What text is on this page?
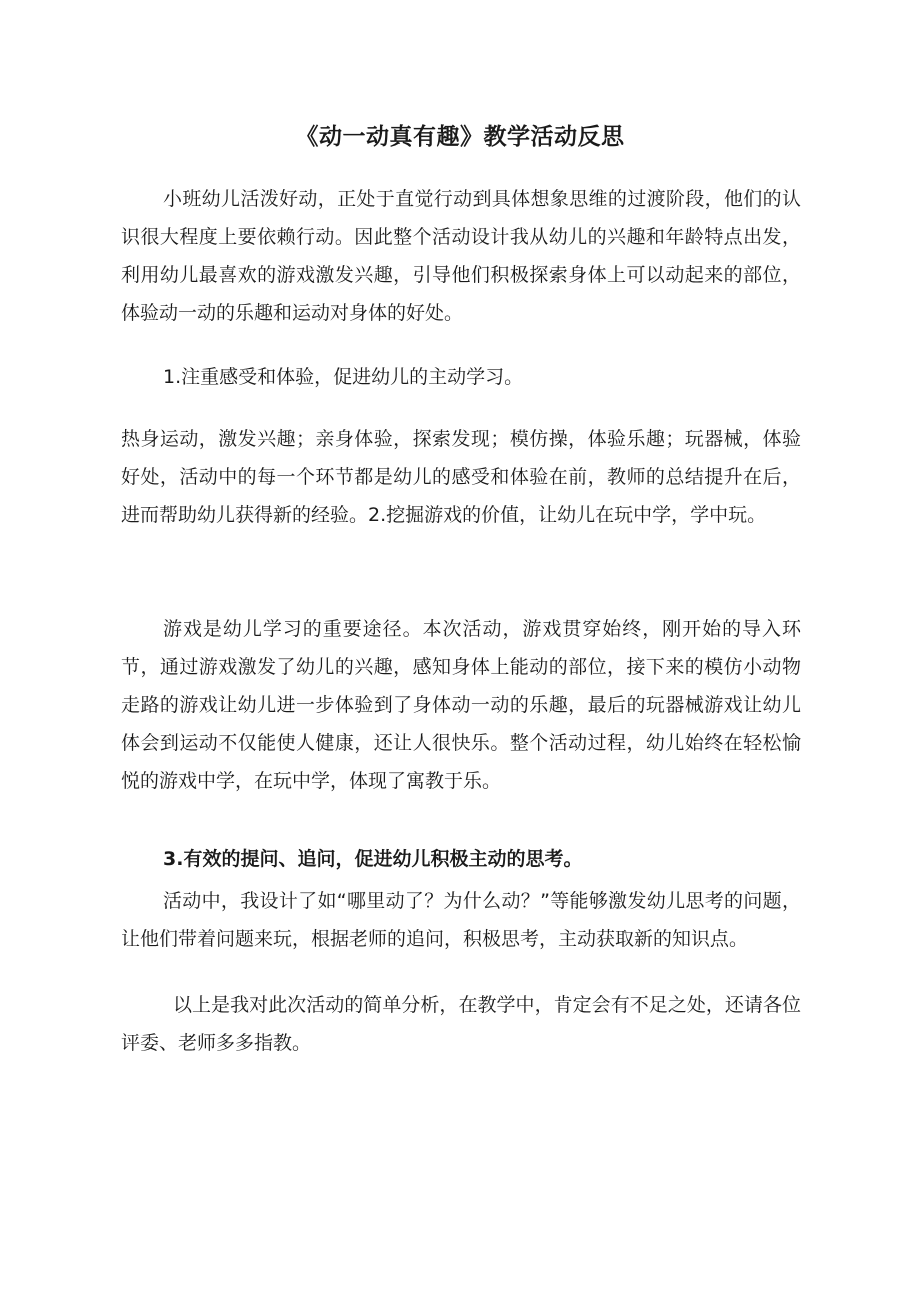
《动一动真有趣》教学活动反思
小班幼儿活泼好动，正处于直觉行动到具体想象思维的过渡阶段，他们的认识很大程度上要依赖行动。因此整个活动设计我从幼儿的兴趣和年龄特点出发，利用幼儿最喜欢的游戏激发兴趣，引导他们积极探索身体上可以动起来的部位，体验动一动的乐趣和运动对身体的好处。
1.注重感受和体验，促进幼儿的主动学习。
热身运动，激发兴趣；亲身体验，探索发现；模仿操，体验乐趣；玩器械，体验好处，活动中的每一个环节都是幼儿的感受和体验在前，教师的总结提升在后，进而帮助幼儿获得新的经验。2.挖掘游戏的价值，让幼儿在玩中学，学中玩。
游戏是幼儿学习的重要途径。本次活动，游戏贯穿始终，刚开始的导入环节，通过游戏激发了幼儿的兴趣，感知身体上能动的部位，接下来的模仿小动物走路的游戏让幼儿进一步体验到了身体动一动的乐趣，最后的玩器械游戏让幼儿体会到运动不仅能使人健康，还让人很快乐。整个活动过程，幼儿始终在轻松愉悦的游戏中学，在玩中学，体现了寓教于乐。
3.有效的提问、追问，促进幼儿积极主动的思考。
活动中，我设计了如“哪里动了？为什么动？”等能够激发幼儿思考的问题，让他们带着问题来玩，根据老师的追问，积极思考，主动获取新的知识点。
以上是我对此次活动的简单分析，在教学中，肯定会有不足之处，还请各位评委、老师多多指教。
